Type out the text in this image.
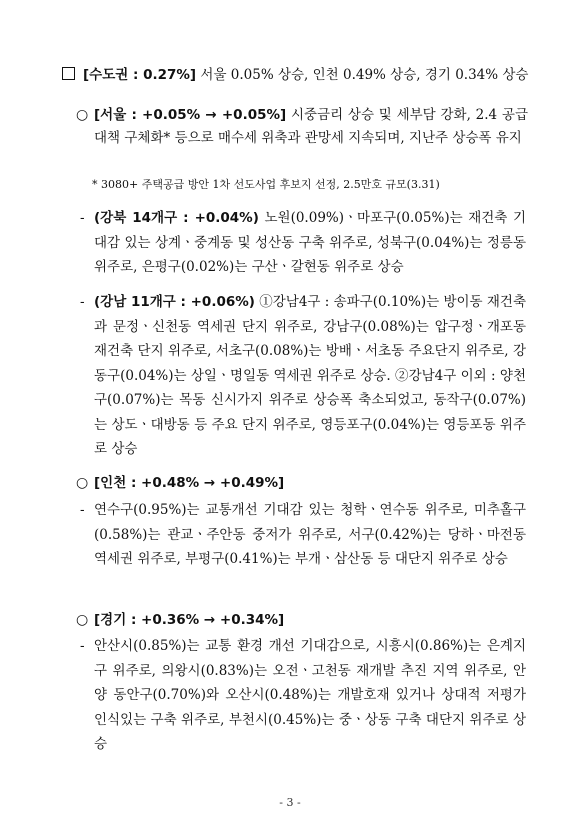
[수도권 : 0.27%] 서울 0.05% 상승, 인천 0.49% 상승, 경기 0.34% 상승
○ [서울 : +0.05% → +0.05%] 시중금리 상승 및 세부담 강화, 2.4 공급대책 구체화* 등으로 매수세 위축과 관망세 지속되며, 지난주 상승폭 유지
* 3080+ 주택공급 방안 1차 선도사업 후보지 선정, 2.5만호 규모(3.31)
- (강북 14개구 : +0.04%) 노원(0.09%)ㆍ마포구(0.05%)는 재건축 기대감 있는 상계ㆍ중계동 및 성산동 구축 위주로, 성북구(0.04%)는 정릉동 위주로, 은평구(0.02%)는 구산ㆍ갈현동 위주로 상승
- (강남 11개구 : +0.06%) ①강남4구 : 송파구(0.10%)는 방이동 재건축과 문정ㆍ신천동 역세권 단지 위주로, 강남구(0.08%)는 압구정ㆍ개포동 재건축 단지 위주로, 서초구(0.08%)는 방배ㆍ서초동 주요단지 위주로, 강동구(0.04%)는 상일ㆍ명일동 역세권 위주로 상승. ②강남4구 이외 : 양천구(0.07%)는 목동 신시가지 위주로 상승폭 축소되었고, 동작구(0.07%)는 상도ㆍ대방동 등 주요 단지 위주로, 영등포구(0.04%)는 영등포동 위주로 상승
○ [인천 : +0.48% → +0.49%]
- 연수구(0.95%)는 교통개선 기대감 있는 청학ㆍ연수동 위주로, 미추홀구(0.58%)는 관교ㆍ주안동 중저가 위주로, 서구(0.42%)는 당하ㆍ마전동 역세권 위주로, 부평구(0.41%)는 부개ㆍ삼산동 등 대단지 위주로 상승
○ [경기 : +0.36% → +0.34%]
- 안산시(0.85%)는 교통 환경 개선 기대감으로, 시흥시(0.86%)는 은계지구 위주로, 의왕시(0.83%)는 오전ㆍ고천동 재개발 추진 지역 위주로, 안양 동안구(0.70%)와 오산시(0.48%)는 개발호재 있거나 상대적 저평가 인식있는 구축 위주로, 부천시(0.45%)는 중ㆍ상동 구축 대단지 위주로 상승
- 3 -
